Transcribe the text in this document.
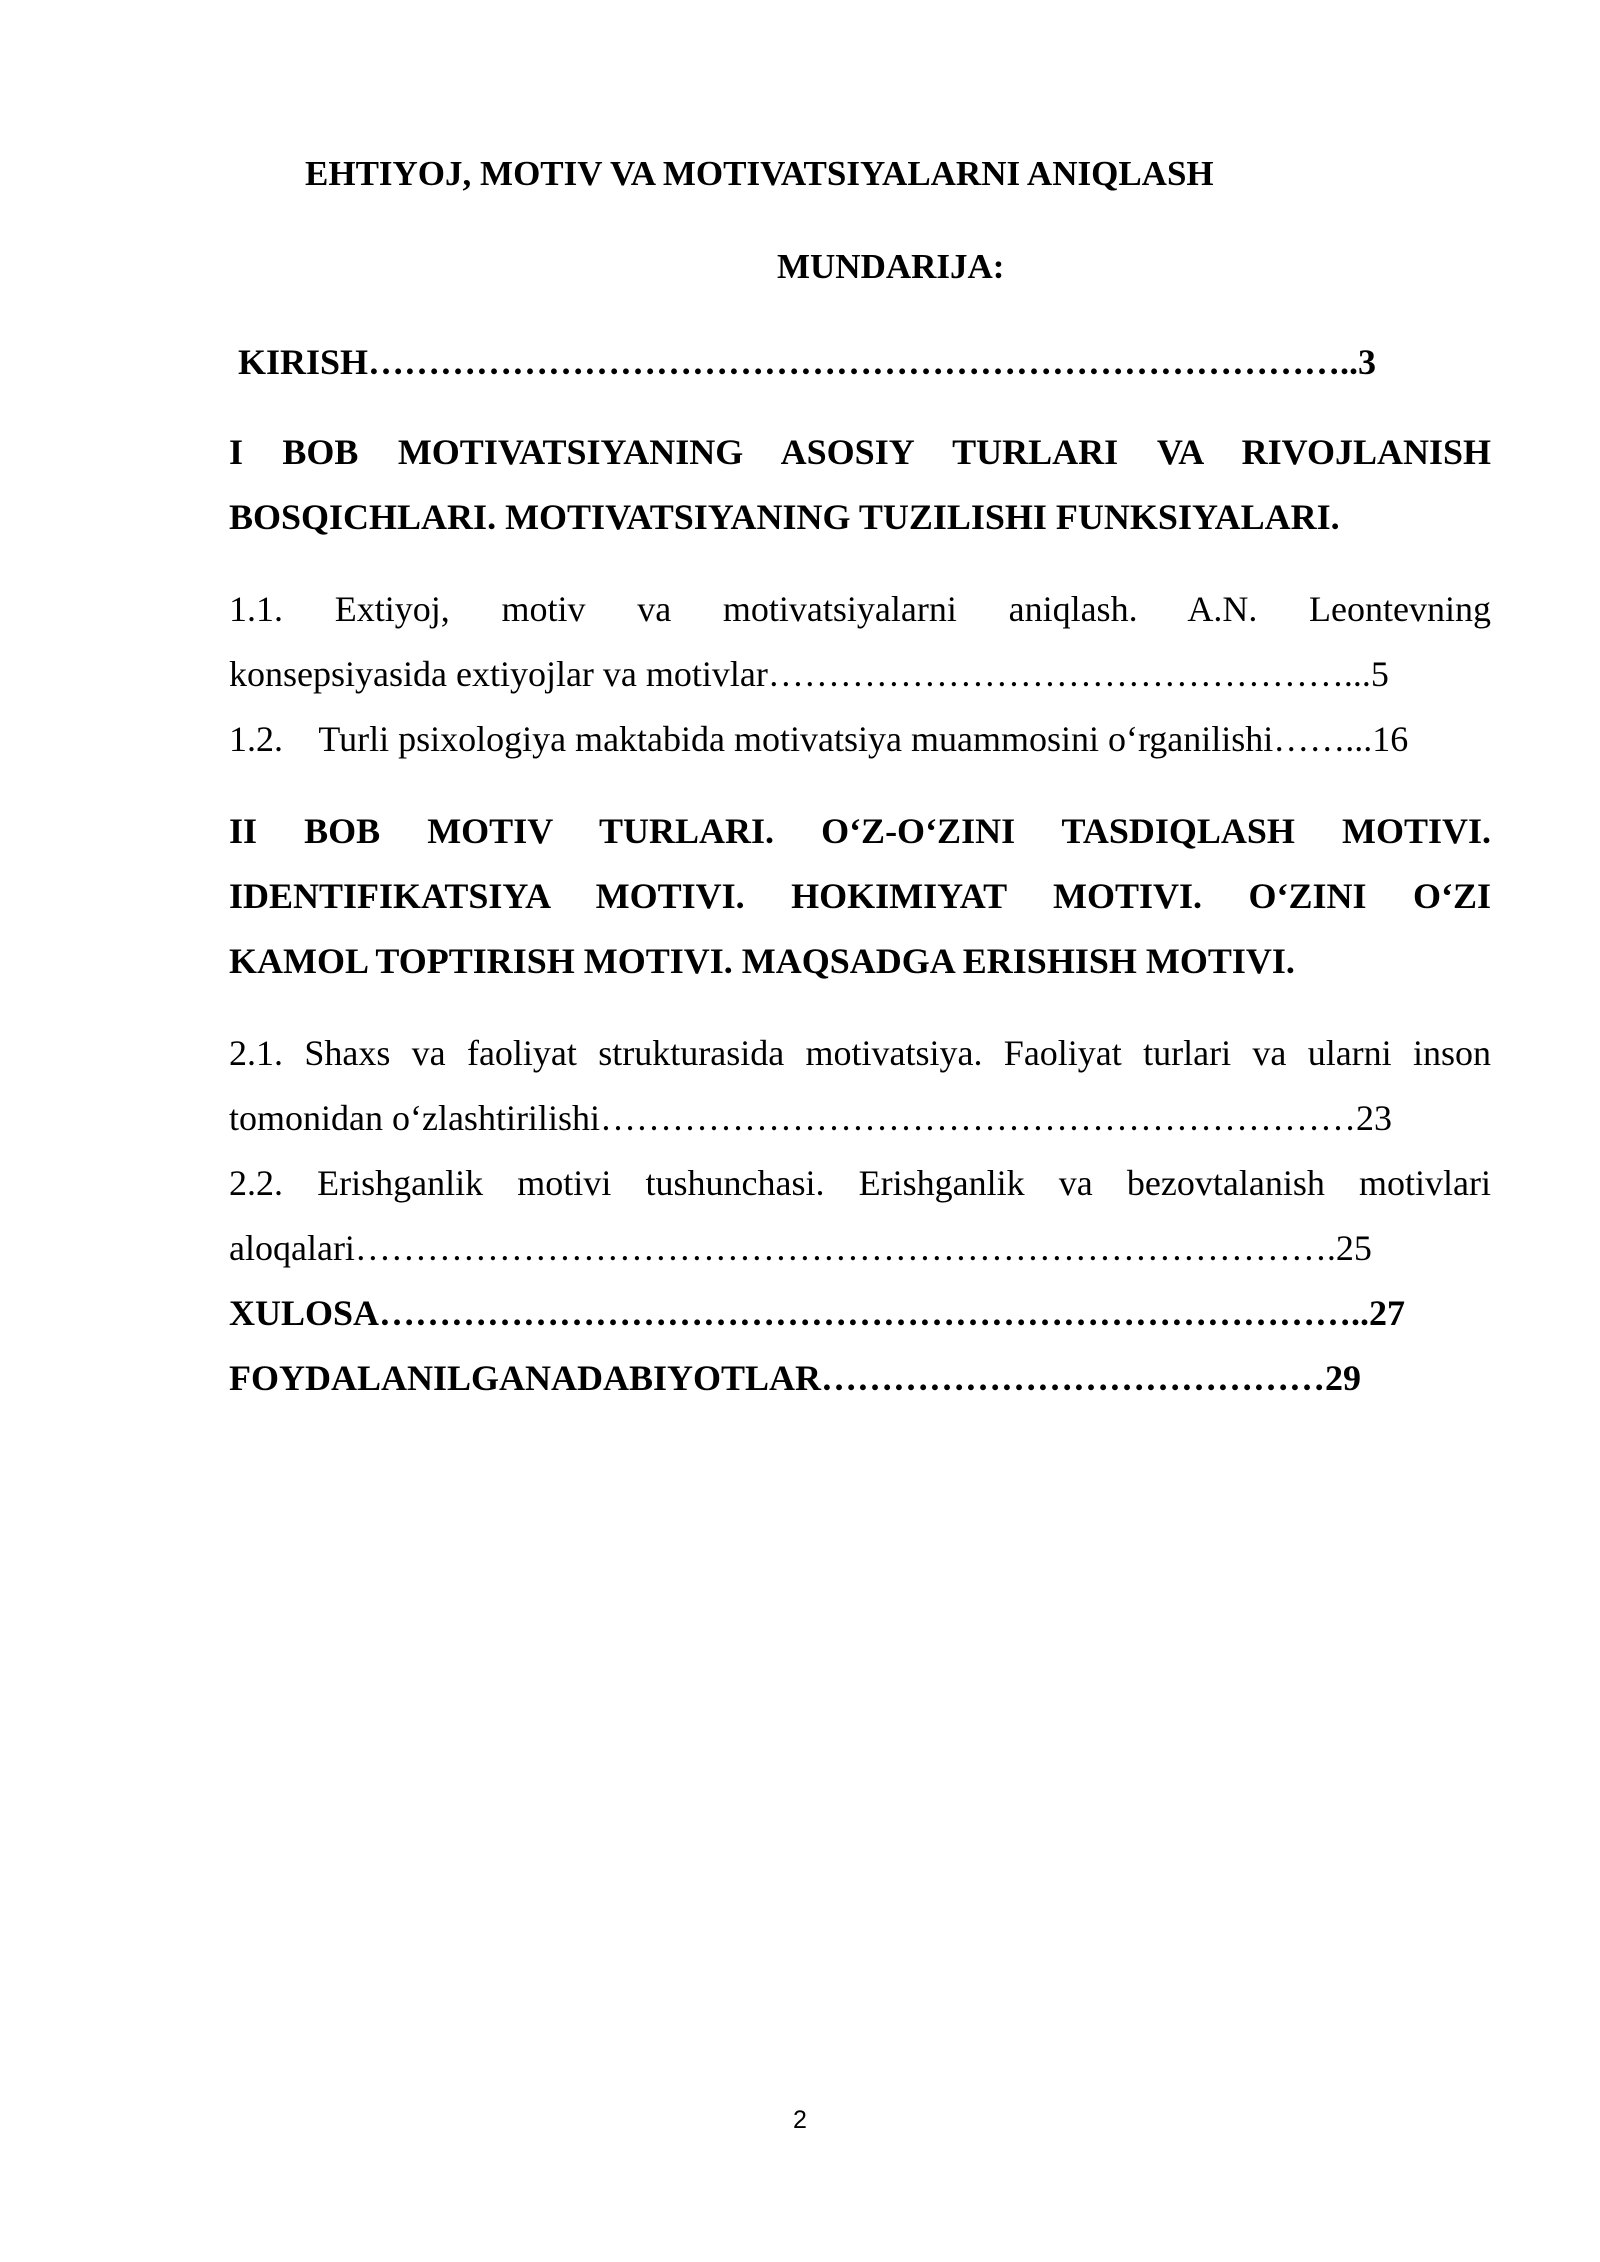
EHTIYOJ, MOTIV VA MOTIVATSIYALARNI ANIQLASH
MUNDARIJA:
KIRISH………………………………………………………………………..3
I BOB MOTIVATSIYANING ASOSIY TURLARI VA RIVOJLANISH
BOSQICHLARI. MOTIVATSIYANING TUZILISHI FUNKSIYALARI.
1.1. Extiyoj, motiv va motivatsiyalarni aniqlash. A.N. Leontevning
konsepsiyasida extiyojlar va motivlar…………………………………………...5
1.2.    Turli psixologiya maktabida motivatsiya muammosini oʻrganilishi……...16
II BOB MOTIV TURLARI. OʻZ-OʻZINI TASDIQLASH MOTIVI.
IDENTIFIKATSIYA MOTIVI. HOKIMIYAT MOTIVI. OʻZINI OʻZI
KAMOL TOPTIRISH MOTIVI. MAQSADGA ERISHISH MOTIVI.
2.1. Shaxs va faoliyat strukturasida motivatsiya. Faoliyat turlari va ularni inson
tomonidan oʻzlashtirilishi………………………………………………………23
2.2. Erishganlik motivi tushunchasi. Erishganlik va bezovtalanish motivlari
aloqalari……………………………………………………………………….25
XULOSA………………………………………………………………………..27
FOYDALANILGANADABIYOTLAR……………………………………29
2
